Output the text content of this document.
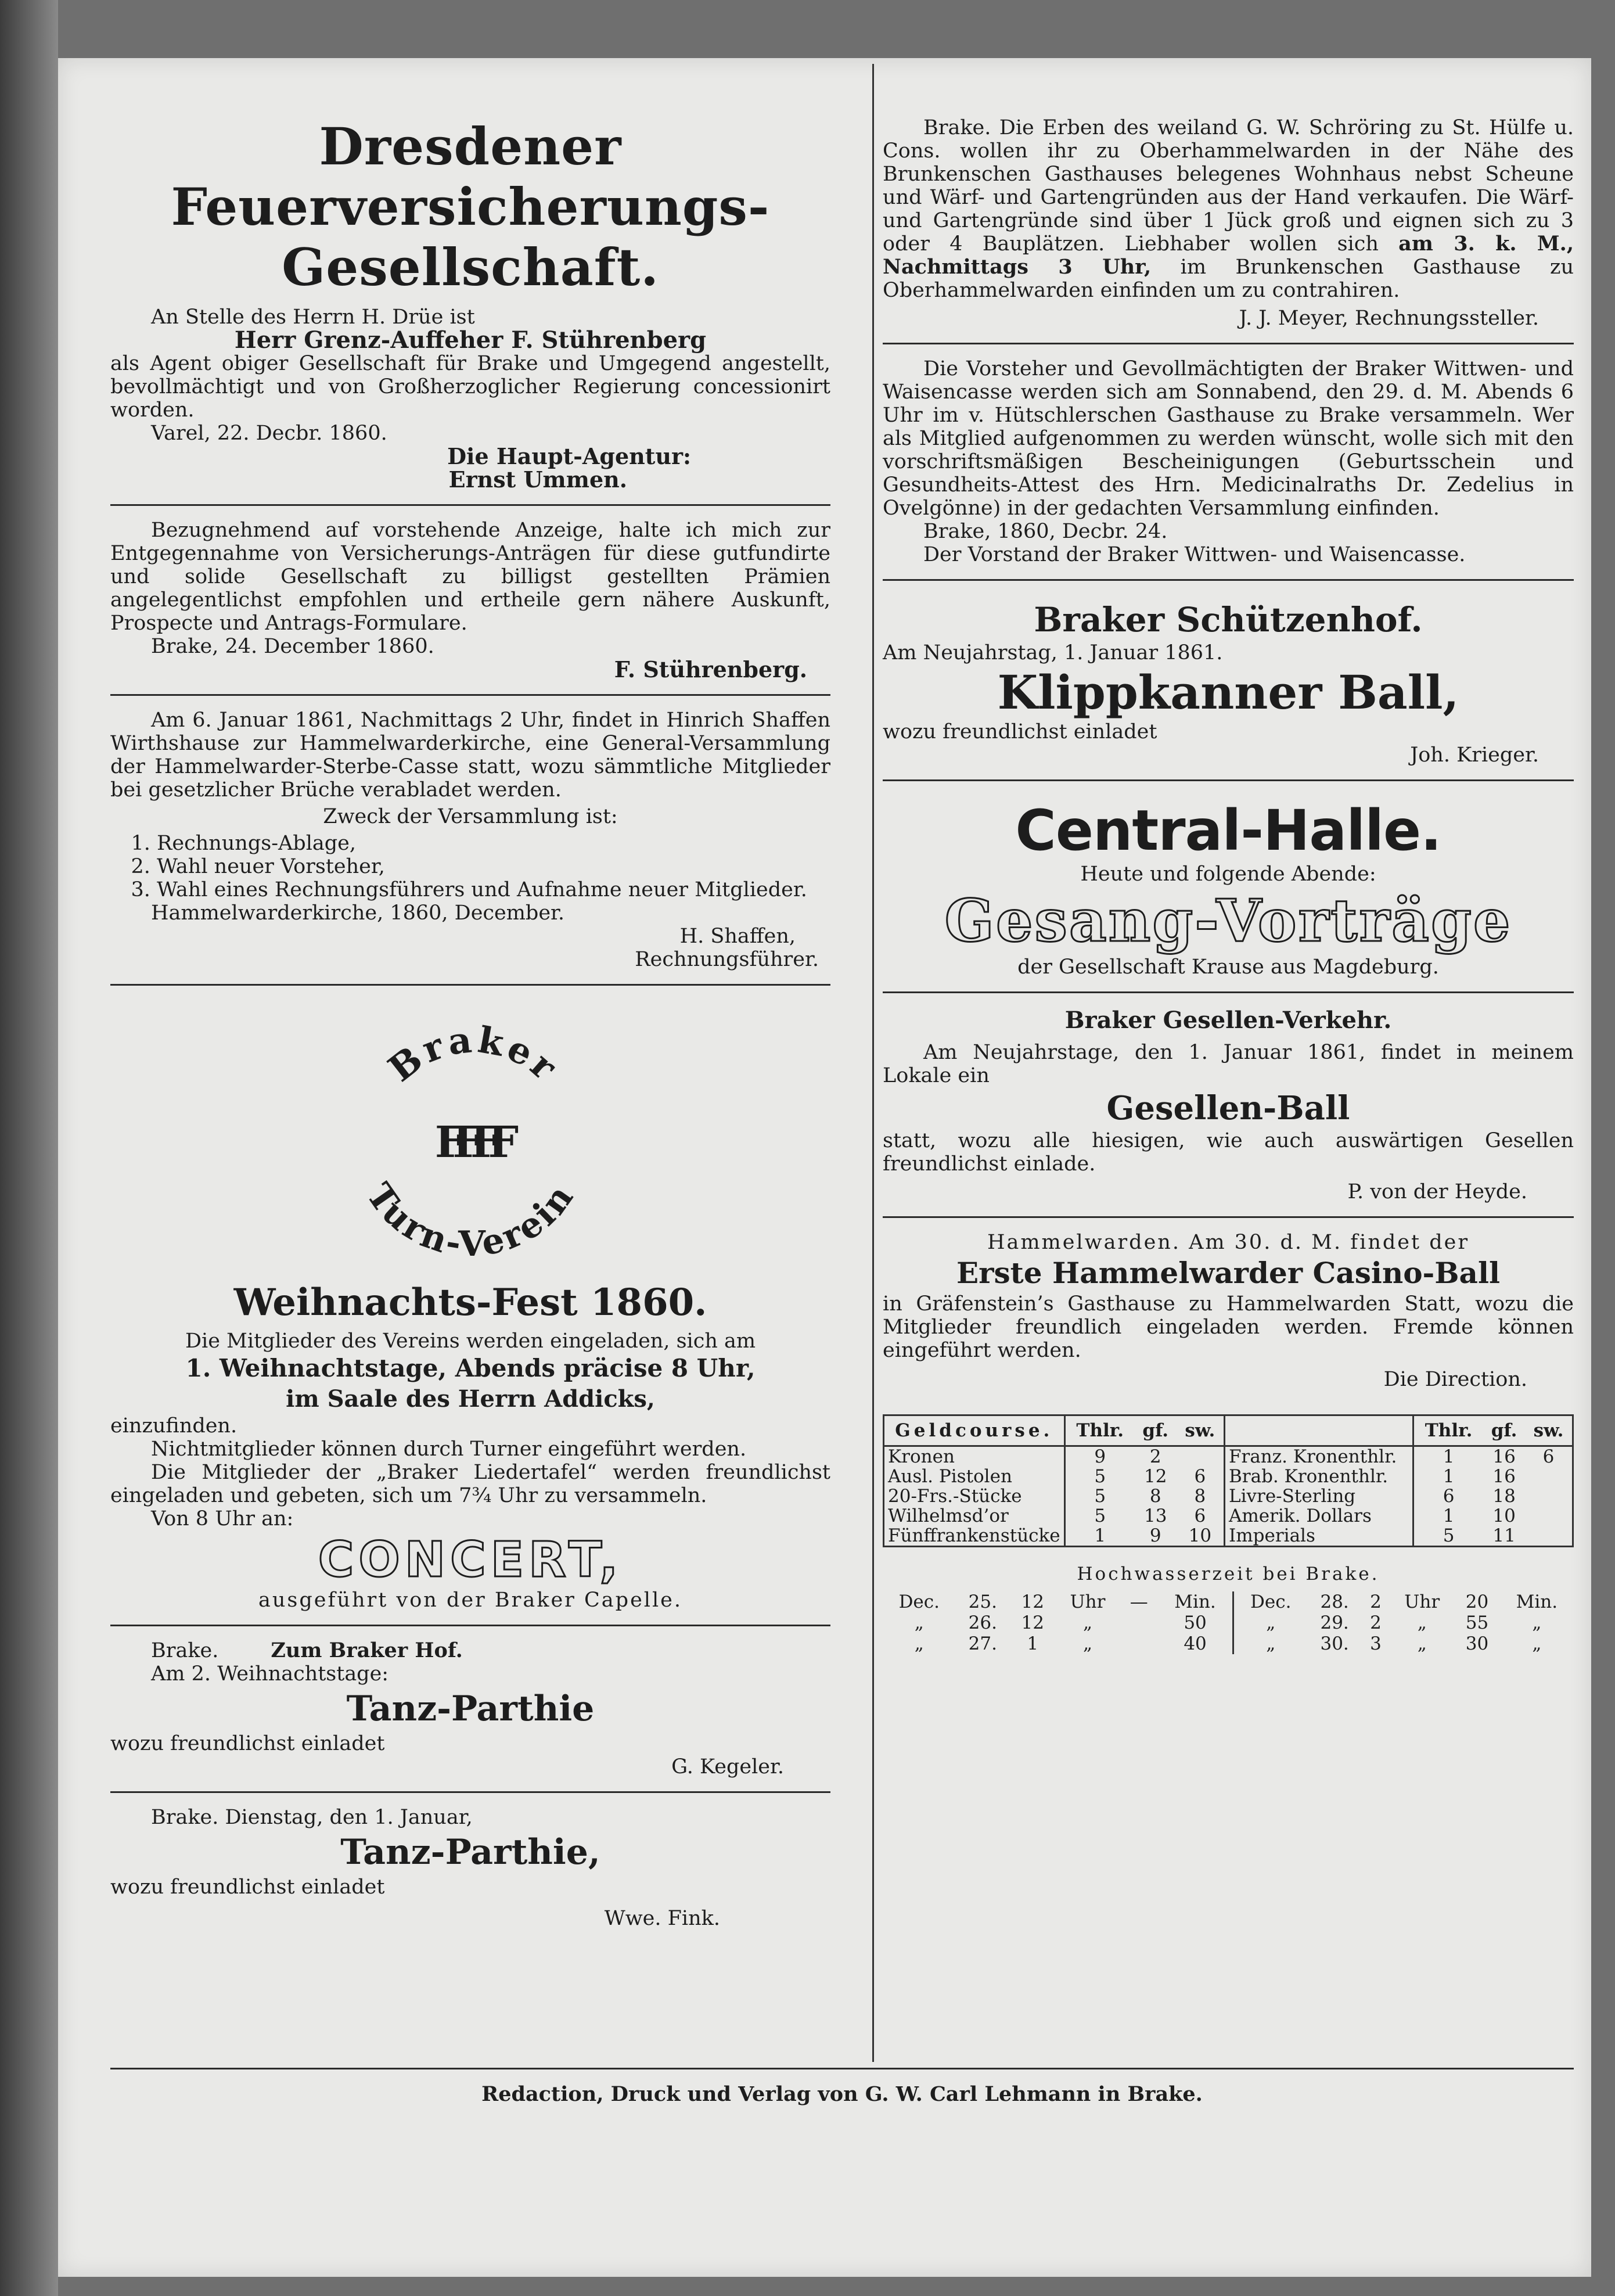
Dresdener Feuerversicherungs-Gesellschaft.

An Stelle des Herrn H. Drüe ist

Herr Grenz-Auffeher F. Stührenberg

als Agent obiger Gesellschaft für Brake und Umgegend angestellt, bevollmächtigt und von Großherzoglicher Regierung concessionirt worden.

Varel, 22. Decbr. 1860.

Die Haupt-Agentur:

Ernst Ummen.

Bezugnehmend auf vorstehende Anzeige, halte ich mich zur Entgegennahme von Versicherungs-Anträgen für diese gutfundirte und solide Gesellschaft zu billigst gestellten Prämien angelegentlichst empfohlen und ertheile gern nähere Auskunft, Prospecte und Antrags-Formulare.

Brake, 24. December 1860.

F. Stührenberg.

Am 6. Januar 1861, Nachmittags 2 Uhr, findet in Hinrich Shaffen Wirthshause zur Hammelwarderkirche, eine General-Versammlung der Hammelwarder-Sterbe-Casse statt, wozu sämmtliche Mitglieder bei gesetzlicher Brüche verabladet werden.

Zweck der Versammlung ist:

1. Rechnungs-Ablage,
2. Wahl neuer Vorsteher,
3. Wahl eines Rechnungsführers und Aufnahme neuer Mitglieder.

Hammelwarderkirche, 1860, December.

H. Shaffen,

Rechnungsführer.

Braker
Turn-Verein
FFFF
Weihnachts-Fest 1860.

Die Mitglieder des Vereins werden eingeladen, sich am

1. Weihnachtstage, Abends präcise 8 Uhr,

im Saale des Herrn Addicks,

einzufinden.

Nichtmitglieder können durch Turner eingeführt werden.

Die Mitglieder der „Braker Liedertafel“ werden freundlichst eingeladen und gebeten, sich um 7¾ Uhr zu versammeln.

Von 8 Uhr an:

CONCERT,

ausgeführt von der Braker Capelle.

Brake.	Zum Braker Hof.

Am 2. Weihnachtstage:

Tanz-Parthie

wozu freundlichst einladet

G. Kegeler.

Brake. Dienstag, den 1. Januar,

Tanz-Parthie,

wozu freundlichst einladet

Wwe. Fink.

Brake. Die Erben des weiland G. W. Schröring zu St. Hülfe u. Cons. wollen ihr zu Oberhammelwarden in der Nähe des Brunkenschen Gasthauses belegenes Wohnhaus nebst Scheune und Wärf- und Gartengründen aus der Hand verkaufen. Die Wärf- und Gartengründe sind über 1 Jück groß und eignen sich zu 3 oder 4 Bauplätzen. Liebhaber wollen sich am 3. k. M., Nachmittags 3 Uhr, im Brunkenschen Gasthause zu Oberhammelwarden einfinden um zu contrahiren.

J. J. Meyer, Rechnungssteller.

Die Vorsteher und Gevollmächtigten der Braker Wittwen- und Waisencasse werden sich am Sonnabend, den 29. d. M. Abends 6 Uhr im v. Hütschlerschen Gasthause zu Brake versammeln. Wer als Mitglied aufgenommen zu werden wünscht, wolle sich mit den vorschriftsmäßigen Bescheinigungen (Geburtsschein und Gesundheits-Attest des Hrn. Medicinalraths Dr. Zedelius in Ovelgönne) in der gedachten Versammlung einfinden.

Brake, 1860, Decbr. 24.

Der Vorstand der Braker Wittwen- und Waisencasse.

Braker Schützenhof.

Am Neujahrstag, 1. Januar 1861.

Klippkanner Ball,

wozu freundlichst einladet

Joh. Krieger.

Central-Halle.

Heute und folgende Abende:

Gesang-Vorträge

der Gesellschaft Krause aus Magdeburg.

Braker Gesellen-Verkehr.

Am Neujahrstage, den 1. Januar 1861, findet in meinem Lokale ein

Gesellen-Ball

statt, wozu alle hiesigen, wie auch auswärtigen Gesellen freundlichst einlade.

P. von der Heyde.

Hammelwarden. Am 30. d. M. findet der

Erste Hammelwarder Casino-Ball

in Gräfenstein’s Gasthause zu Hammelwarden Statt, wozu die Mitglieder freundlich eingeladen werden. Fremde können eingeführt werden.

Die Direction.

Geldcourse.	Thlr.	gf.	sw.		Thlr.	gf.	sw.
Kronen	9	2		Franz. Kronenthlr.	1	16	6
Ausl. Pistolen	5	12	6	Brab. Kronenthlr.	1	16	
20-Frs.-Stücke	5	8	8	Livre-Sterling	6	18	
Wilhelmsd’or	5	13	6	Amerik. Dollars	1	10	
Fünffrankenstücke	1	9	10	Imperials	5	11	

Hochwasserzeit bei Brake.

Dec.	25.	12	Uhr	—	Min.	Dec.	28.	2	Uhr	20	Min.
„	26.	12	„		50	„	29.	2	„	55	„
„	27.	1	„		40	„	30.	3	„	30	„
Redaction, Druck und Verlag von G. W. Carl Lehmann in Brake.
